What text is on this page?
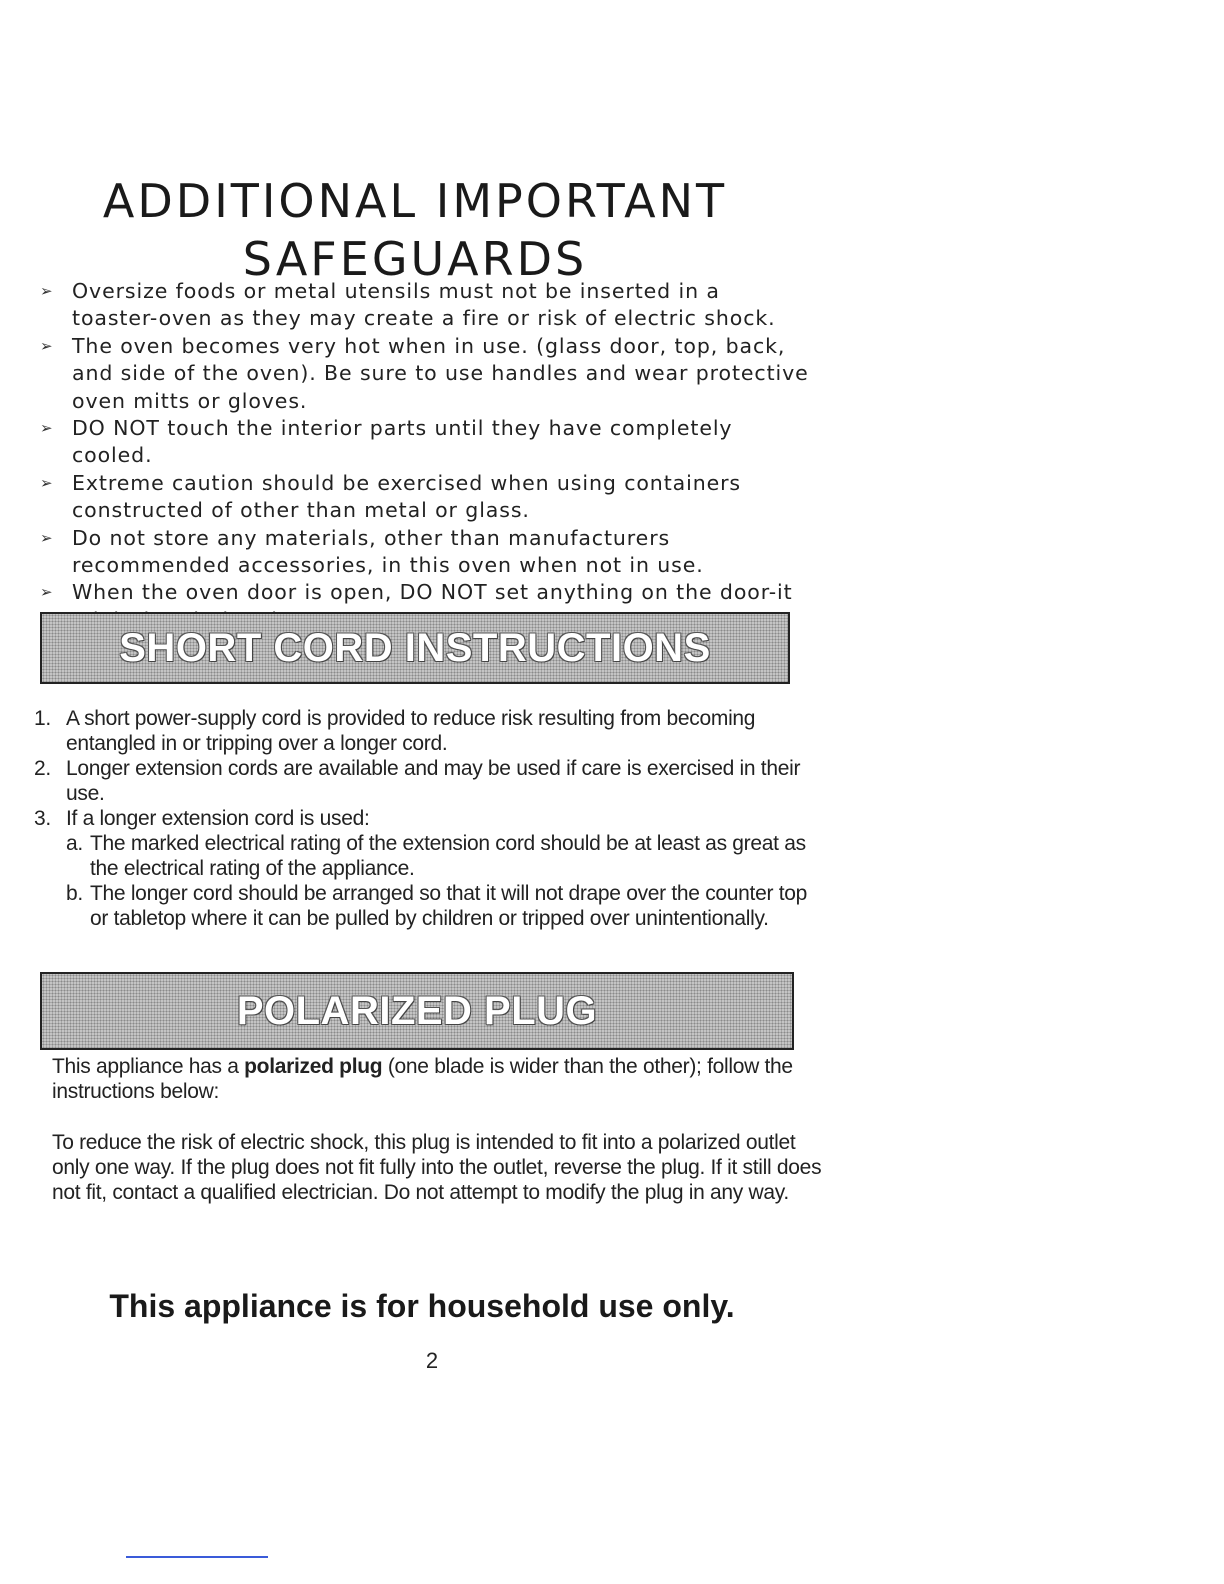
ADDITIONAL IMPORTANT
SAFEGUARDS
➢ Oversize foods or metal utensils must not be inserted in a toaster-oven as they may create a fire or risk of electric shock.
➢ The oven becomes very hot when in use. (glass door, top, back, and side of the oven). Be sure to use handles and wear protective oven mitts or gloves.
➢ DO NOT touch the interior parts until they have completely cooled.
➢ Extreme caution should be exercised when using containers constructed of other than metal or glass.
➢ Do not store any materials, other than manufacturers recommended accessories, in this oven when not in use.
➢ When the oven door is open, DO NOT set anything on the door-it
SHORT CORD INSTRUCTIONS
1. A short power-supply cord is provided to reduce risk resulting from becoming entangled in or tripping over a longer cord.
2. Longer extension cords are available and may be used if care is exercised in their use.
3. If a longer extension cord is used:
a. The marked electrical rating of the extension cord should be at least as great as the electrical rating of the appliance.
b. The longer cord should be arranged so that it will not drape over the counter top or tabletop where it can be pulled by children or tripped over unintentionally.
POLARIZED PLUG

This appliance has a polarized plug (one blade is wider than the other); follow the instructions below:

To reduce the risk of electric shock, this plug is intended to fit into a polarized outlet only one way. If the plug does not fit fully into the outlet, reverse the plug. If it still does not fit, contact a qualified electrician. Do not attempt to modify the plug in any way.

This appliance is for household use only.

2
